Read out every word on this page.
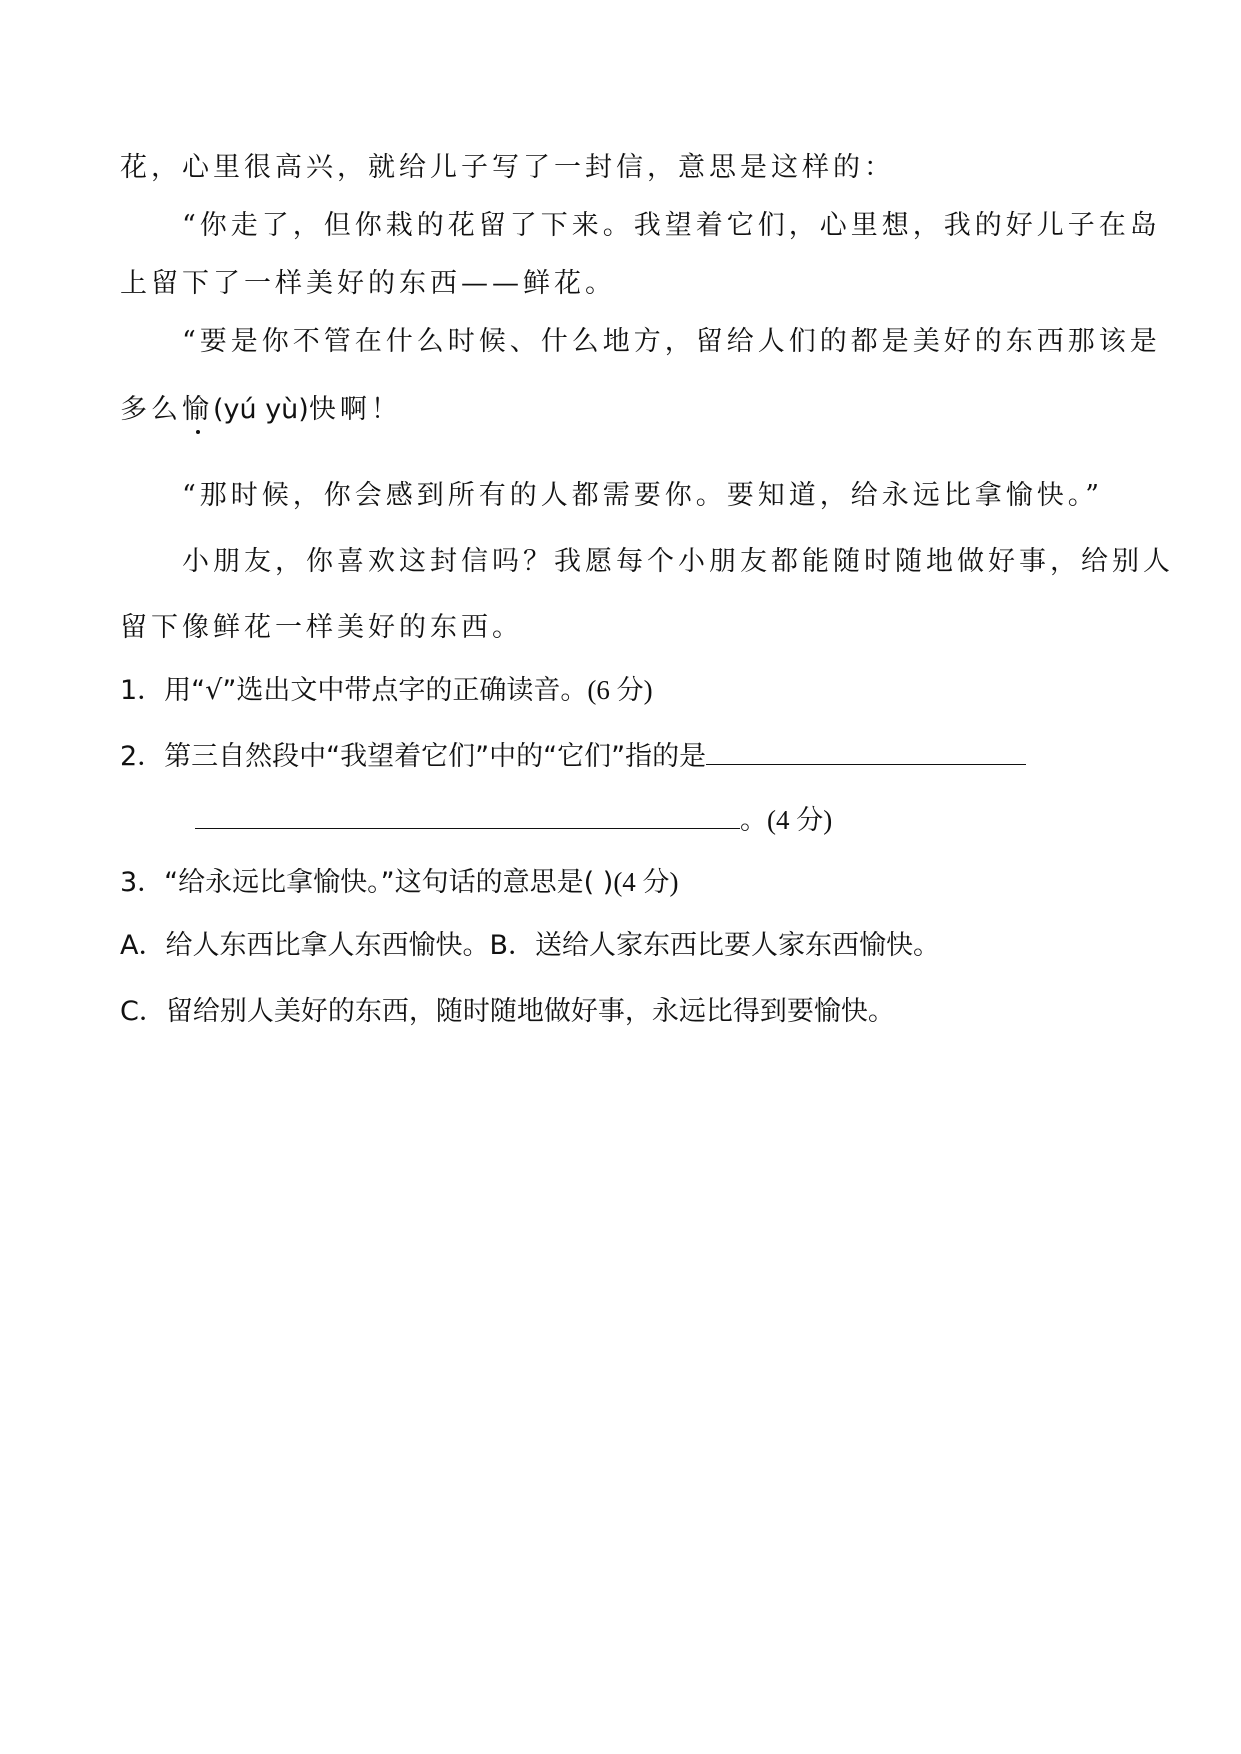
花，心里很高兴，就给儿子写了一封信，意思是这样的：
“你走了，但你栽的花留了下来。我望着它们，心里想，我的好儿子在岛
上留下了一样美好的东西——鲜花。
“要是你不管在什么时候、什么地方，留给人们的都是美好的东西那该是
多么愉(yú yù)快啊！
“那时候，你会感到所有的人都需要你。要知道，给永远比拿愉快。”
小朋友，你喜欢这封信吗？我愿每个小朋友都能随时随地做好事，给别人
留下像鲜花一样美好的东西。
1．用“√”选出文中带点字的正确读音。(6 分)
2．第三自然段中“我望着它们”中的“它们”指的是
。(4 分)
3．“给永远比拿愉快。”这句话的意思是( )(4 分)
A．给人东西比拿人东西愉快。B．送给人家东西比要人家东西愉快。
C．留给别人美好的东西，随时随地做好事，永远比得到要愉快。
